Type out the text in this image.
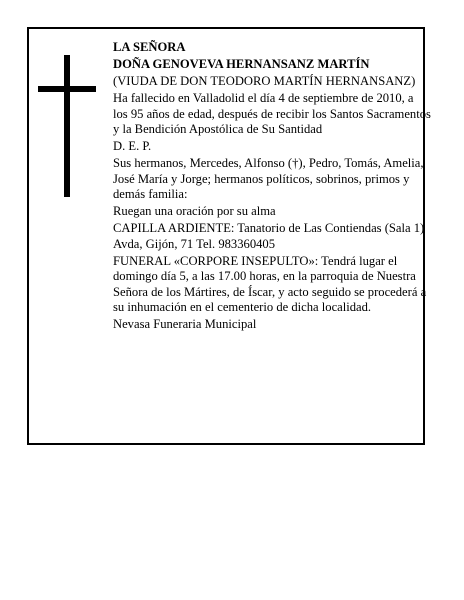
LA SEÑORA

DOÑA GENOVEVA HERNANSANZ MARTÍN

(VIUDA DE DON TEODORO MARTÍN HERNANSANZ)

Ha fallecido en Valladolid el día 4 de septiembre de 2010, a los 95 años de edad, después de recibir los Santos Sacramentos y la Bendición Apostólica de Su Santidad

D. E. P.

Sus hermanos, Mercedes, Alfonso (†), Pedro, Tomás, Amelia, José María y Jorge; hermanos políticos, sobrinos, primos y demás familia:

Ruegan una oración por su alma

CAPILLA ARDIENTE: Tanatorio de Las Contiendas (Sala 1) Avda, Gijón, 71 Tel. 983360405

FUNERAL «CORPORE INSEPULTO»: Tendrá lugar el domingo día 5, a las 17.00 horas, en la parroquia de Nuestra Señora de los Mártires, de Íscar, y acto seguido se procederá a su inhumación en el cementerio de dicha localidad.

Nevasa Funeraria Municipal
